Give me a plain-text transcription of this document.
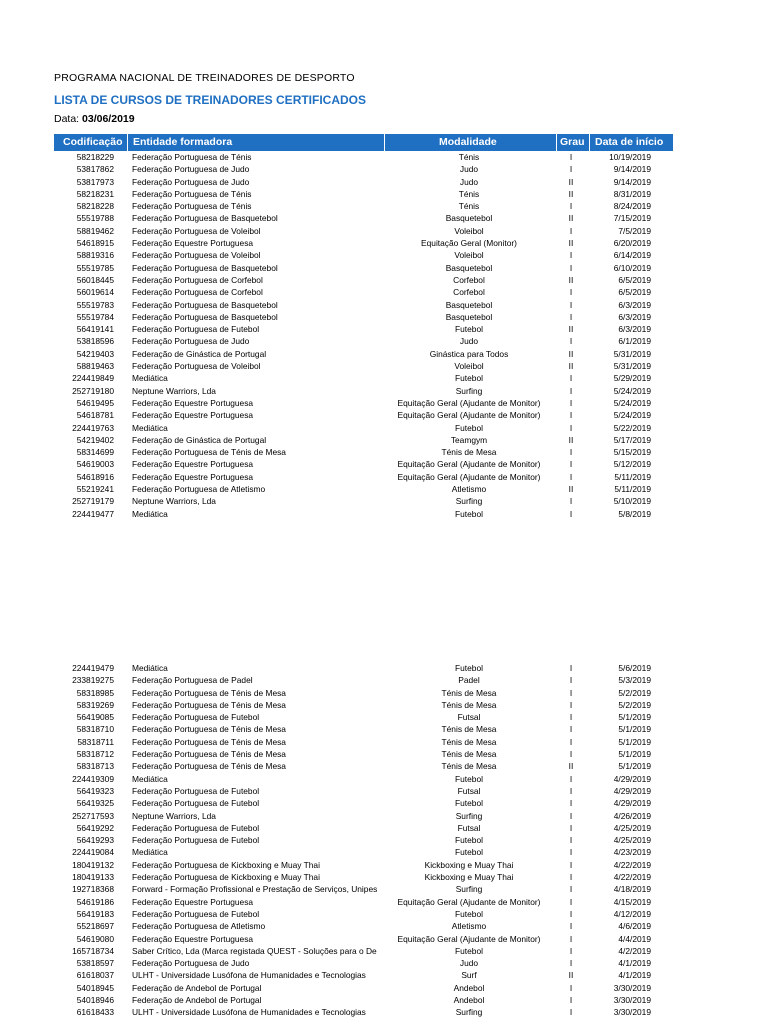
PROGRAMA NACIONAL DE TREINADORES DE DESPORTO
LISTA DE CURSOS DE TREINADORES CERTIFICADOS
Data: 03/06/2019
Codificação Entidade formadora	Modalidade	Grau Data de início
58218229 Federação Portuguesa de Ténis	Ténis	I	10/19/2019
53817862 Federação Portuguesa de Judo	Judo	I	9/14/2019
53817973 Federação Portuguesa de Judo	Judo	II	9/14/2019
58218231 Federação Portuguesa de Ténis	Ténis	II	8/31/2019
58218228 Federação Portuguesa de Ténis	Ténis	I	8/24/2019
55519788 Federação Portuguesa de Basquetebol	Basquetebol	II	7/15/2019
58819462 Federação Portuguesa de Voleibol	Voleibol	I	7/5/2019
54618915 Federação Equestre Portuguesa	Equitação Geral (Monitor)	II	6/20/2019
58819316 Federação Portuguesa de Voleibol	Voleibol	I	6/14/2019
55519785 Federação Portuguesa de Basquetebol	Basquetebol	I	6/10/2019
56018445 Federação Portuguesa de Corfebol	Corfebol	II	6/5/2019
56019614 Federação Portuguesa de Corfebol	Corfebol	I	6/5/2019
55519783 Federação Portuguesa de Basquetebol	Basquetebol	I	6/3/2019
55519784 Federação Portuguesa de Basquetebol	Basquetebol	I	6/3/2019
56419141 Federação Portuguesa de Futebol	Futebol	II	6/3/2019
53818596 Federação Portuguesa de Judo	Judo	I	6/1/2019
54219403 Federação de Ginástica de Portugal	Ginástica para Todos	II	5/31/2019
58819463 Federação Portuguesa de Voleibol	Voleibol	II	5/31/2019
224419849 Mediática	Futebol	I	5/29/2019
252719180 Neptune Warriors, Lda	Surfing	I	5/24/2019
54619495 Federação Equestre Portuguesa	Equitação Geral (Ajudante de Monitor)	I	5/24/2019
54618781 Federação Equestre Portuguesa	Equitação Geral (Ajudante de Monitor)	I	5/24/2019
224419763 Mediática	Futebol	I	5/22/2019
54219402 Federação de Ginástica de Portugal	Teamgym	II	5/17/2019
58314699 Federação Portuguesa de Ténis de Mesa	Ténis de Mesa	I	5/15/2019
54619003 Federação Equestre Portuguesa	Equitação Geral (Ajudante de Monitor)	I	5/12/2019
54618916 Federação Equestre Portuguesa	Equitação Geral (Ajudante de Monitor)	I	5/11/2019
55219241 Federação Portuguesa de Atletismo	Atletismo	II	5/11/2019
252719179 Neptune Warriors, Lda	Surfing	I	5/10/2019
224419477 Mediática	Futebol	I	5/8/2019
224419479 Mediática	Futebol	I	5/6/2019
233819275 Federação Portuguesa de Padel	Padel	I	5/3/2019
58318985 Federação Portuguesa de Ténis de Mesa	Ténis de Mesa	I	5/2/2019
58319269 Federação Portuguesa de Ténis de Mesa	Ténis de Mesa	I	5/2/2019
56419085 Federação Portuguesa de Futebol	Futsal	I	5/1/2019
58318710 Federação Portuguesa de Ténis de Mesa	Ténis de Mesa	I	5/1/2019
58318711 Federação Portuguesa de Ténis de Mesa	Ténis de Mesa	I	5/1/2019
58318712 Federação Portuguesa de Ténis de Mesa	Ténis de Mesa	I	5/1/2019
58318713 Federação Portuguesa de Ténis de Mesa	Ténis de Mesa	II	5/1/2019
224419309 Mediática	Futebol	I	4/29/2019
56419323 Federação Portuguesa de Futebol	Futsal	I	4/29/2019
56419325 Federação Portuguesa de Futebol	Futebol	I	4/29/2019
252717593 Neptune Warriors, Lda	Surfing	I	4/26/2019
56419292 Federação Portuguesa de Futebol	Futsal	I	4/25/2019
56419293 Federação Portuguesa de Futebol	Futebol	I	4/25/2019
224419084 Mediática	Futebol	I	4/23/2019
180419132 Federação Portuguesa de Kickboxing e Muay Thai	Kickboxing e Muay Thai	I	4/22/2019
180419133 Federação Portuguesa de Kickboxing e Muay Thai	Kickboxing e Muay Thai	I	4/22/2019
192718368 Forward - Formação Profissional e Prestação de Serviços, Unipes	Surfing	I	4/18/2019
54619186 Federação Equestre Portuguesa	Equitação Geral (Ajudante de Monitor)	I	4/15/2019
56419183 Federação Portuguesa de Futebol	Futebol	I	4/12/2019
55218697 Federação Portuguesa de Atletismo	Atletismo	I	4/6/2019
54619080 Federação Equestre Portuguesa	Equitação Geral (Ajudante de Monitor)	I	4/4/2019
165718734 Saber Crítico, Lda (Marca registada QUEST - Soluções para o De	Futebol	I	4/2/2019
53818597 Federação Portuguesa de Judo	Judo	I	4/1/2019
61618037 ULHT - Universidade Lusófona de Humanidades e Tecnologias	Surf	II	4/1/2019
54018945 Federação de Andebol de Portugal	Andebol	I	3/30/2019
54018946 Federação de Andebol de Portugal	Andebol	I	3/30/2019
61618433 ULHT - Universidade Lusófona de Humanidades e Tecnologias	Surfing	I	3/30/2019
